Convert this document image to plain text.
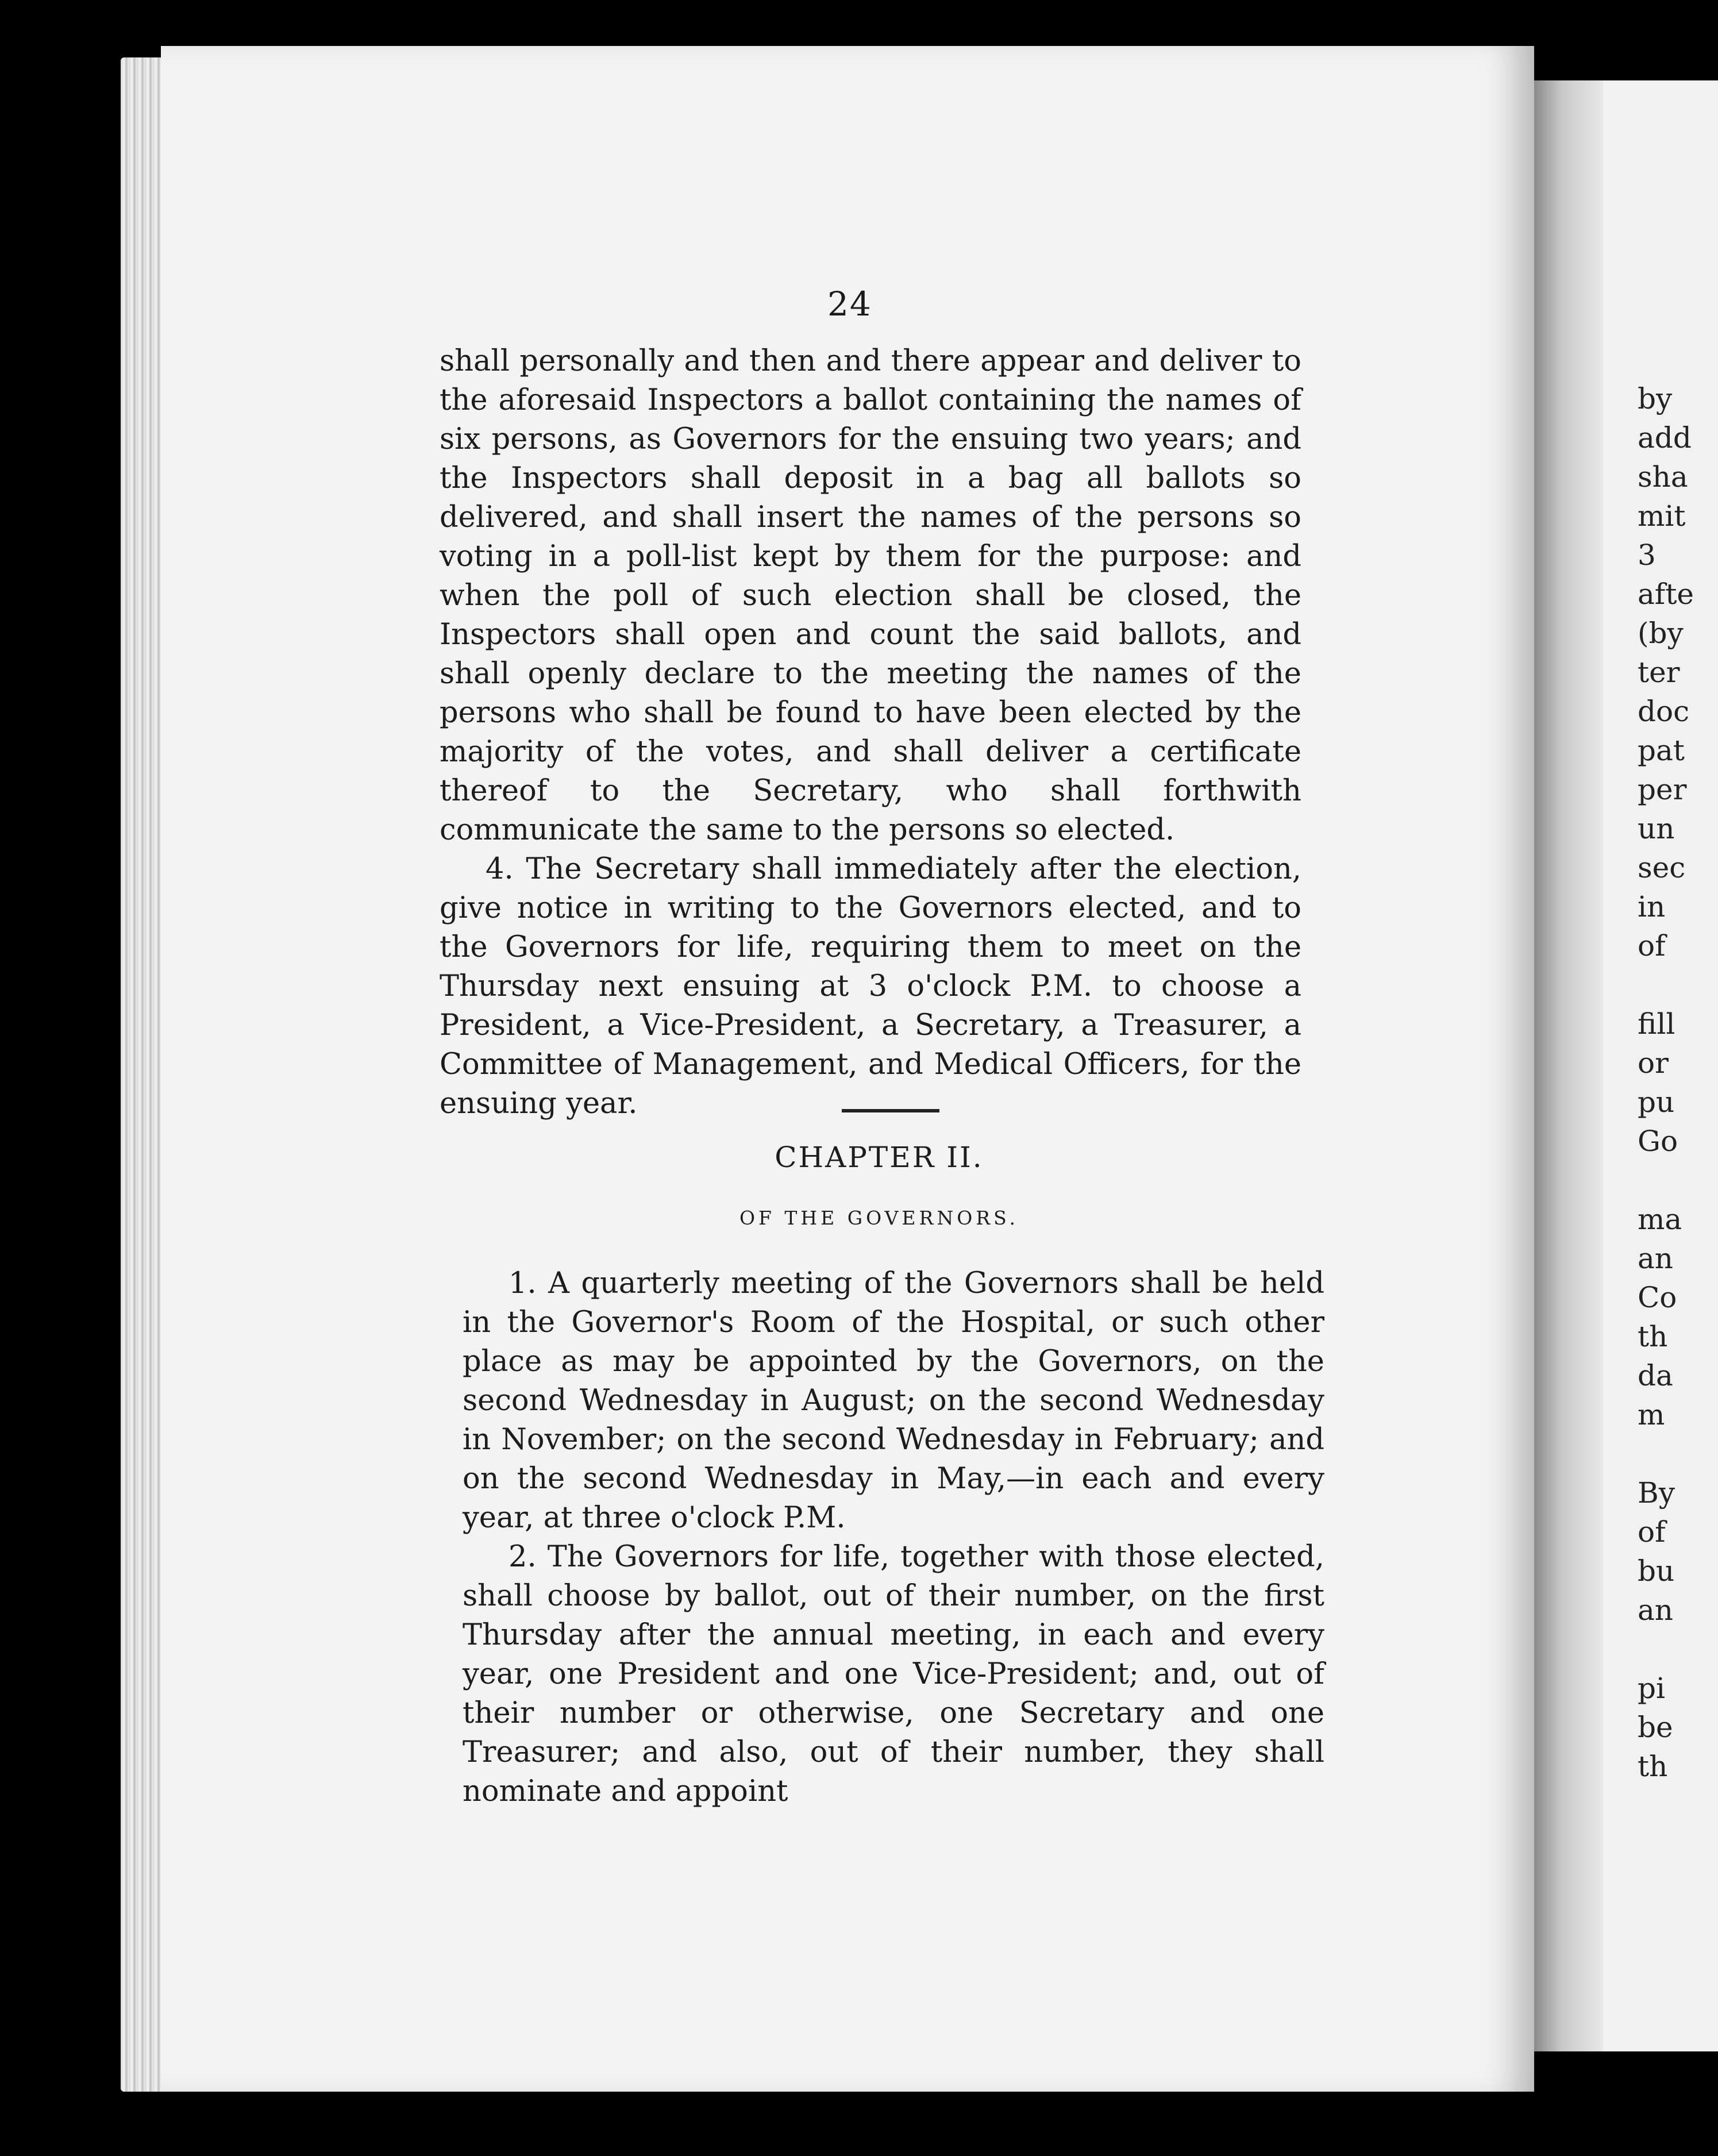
by
add
sha
mit
3
afte
(by
ter
doc
pat
per
un
sec
in
of
fill
or
pu
Go
ma
an
Co
th
da
m
By
of
bu
an
pi
be
th
24

shall personally and then and there appear and deliver to the aforesaid Inspectors a ballot containing the names of six persons, as Governors for the ensuing two years; and the Inspectors shall deposit in a bag all ballots so delivered, and shall insert the names of the persons so voting in a poll-list kept by them for the purpose: and when the poll of such election shall be closed, the Inspectors shall open and count the said ballots, and shall openly declare to the meeting the names of the persons who shall be found to have been elected by the majority of the votes, and shall deliver a certificate thereof to the Secretary, who shall forthwith communicate the same to the persons so elected.

4. The Secretary shall immediately after the election, give notice in writing to the Governors elected, and to the Governors for life, requiring them to meet on the Thursday next ensuing at 3 o'clock P.M. to choose a President, a Vice-President, a Secretary, a Treasurer, a Committee of Management, and Medical Officers, for the ensuing year.

CHAPTER II.
OF THE GOVERNORS.

1. A quarterly meeting of the Governors shall be held in the Governor's Room of the Hospital, or such other place as may be appointed by the Governors, on the second Wednesday in August; on the second Wednesday in November; on the second Wednesday in February; and on the second Wednesday in May,—in each and every year, at three o'clock P.M.

2. The Governors for life, together with those elected, shall choose by ballot, out of their number, on the first Thursday after the annual meeting, in each and every year, one President and one Vice-President; and, out of their number or otherwise, one Secretary and one Treasurer; and also, out of their number, they shall nominate and appoint
